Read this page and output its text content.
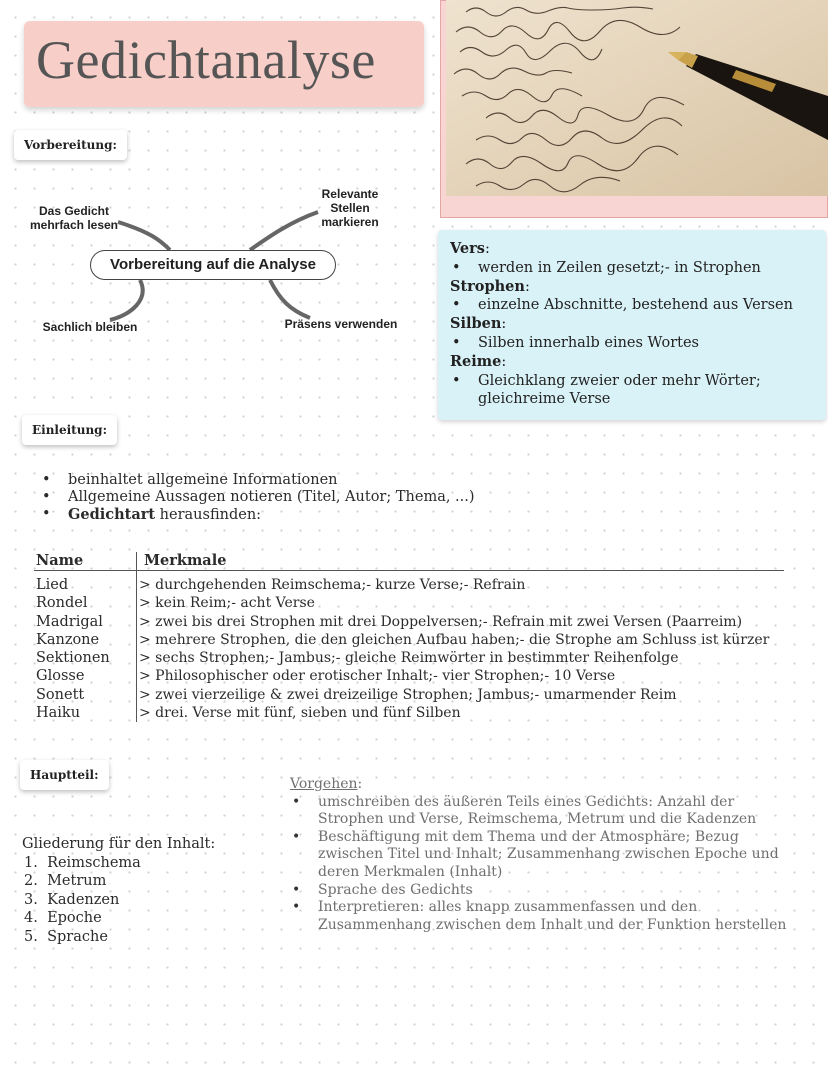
Gedichtanalyse
Vorbereitung:
Vorbereitung auf die Analyse
Das Gedicht
mehrfach lesen
Relevante
Stellen
markieren
Sachlich bleiben	Präsens verwenden
Vers:
• werden in Zeilen gesetzt;- in Strophen
Strophen:
• einzelne Abschnitte, bestehend aus Versen
Silben:
• Silben innerhalb eines Wortes
Reime:
• Gleichklang zweier oder mehr Wörter; gleichreime Verse
Einleitung:
• beinhaltet allgemeine Informationen
• Allgemeine Aussagen notieren (Titel, Autor; Thema, ...)
• Gedichtart herausfinden:
Name	Merkmale
Lied
Rondel
Madrigal
Kanzone
Sektionen
Glosse
Sonett
Haiku
> durchgehenden Reimschema;- kurze Verse;- Refrain
> kein Reim;- acht Verse
> zwei bis drei Strophen mit drei Doppelversen;- Refrain mit zwei Versen (Paarreim)
> mehrere Strophen, die den gleichen Aufbau haben;- die Strophe am Schluss ist kürzer
> sechs Strophen;- Jambus;- gleiche Reimwörter in bestimmter Reihenfolge
> Philosophischer oder erotischer Inhalt;- vier Strophen;- 10 Verse
> zwei vierzeilige & zwei dreizeilige Strophen; Jambus;- umarmender Reim
> drei. Verse mit fünf, sieben und fünf Silben
Hauptteil:
Gliederung für den Inhalt:
1.  Reimschema
2.  Metrum
3.  Kadenzen
4.  Epoche
5.  Sprache
Vorgehen:
• umschreiben des äußeren Teils eines Gedichts: Anzahl der Strophen und Verse, Reimschema, Metrum und die Kadenzen
• Beschäftigung mit dem Thema und der Atmosphäre; Bezug zwischen Titel und Inhalt; Zusammenhang zwischen Epoche und deren Merkmalen (Inhalt)
• Sprache des Gedichts
• Interpretieren: alles knapp zusammenfassen und den Zusammenhang zwischen dem Inhalt und der Funktion herstellen
